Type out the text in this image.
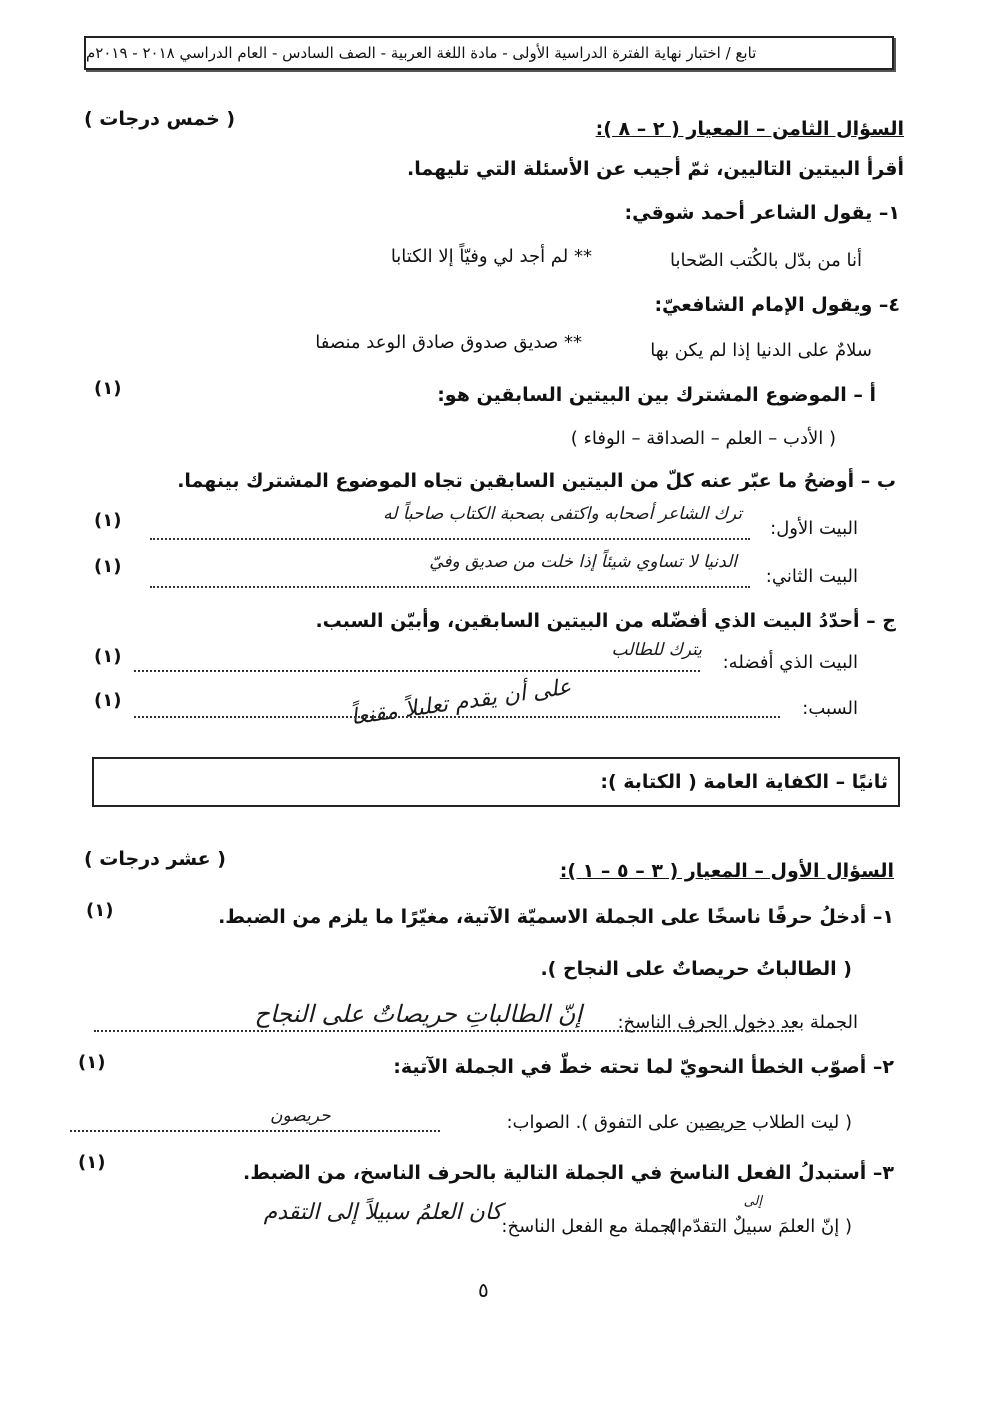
تابع / اختبار نهاية الفترة الدراسية الأولى - مادة اللغة العربية - الصف السادس - العام الدراسي ٢٠١٨ - ٢٠١٩م
السؤال الثامن – المعيار ( ٢ – ٨ ):
( خمس درجات )
أقرأ البيتين التاليين، ثمّ أجيب عن الأسئلة التي تليهما.
١– يقول الشاعر أحمد شوقي:
أنا من بدّل بالكُتب الصّحابا
** لم أجد لي وفيّاً إلا الكتابا
٤– ويقول الإمام الشافعيّ:
سلامٌ على الدنيا إذا لم يكن بها
** صديق صدوق صادق الوعد منصفا
أ – الموضوع المشترك بين البيتين السابقين هو:
(١)
( الأدب – العلم – الصداقة – الوفاء )
ب – أوضحُ ما عبّر عنه كلّ من البيتين السابقين تجاه الموضوع المشترك بينهما.
البيت الأول:
ترك الشاعر أصحابه واكتفى بصحبة الكتاب صاحباً له
(١)
البيت الثاني:
الدنيا لا تساوي شيئاً إذا خلت من صديق وفيّ
(١)
ج – أحدّدُ البيت الذي أفضّله من البيتين السابقين، وأبيّن السبب.
البيت الذي أفضله:
يترك للطالب
(١)
السبب:
على أن يقدم تعليلاً مقنعاً
(١)
ثانيًا – الكفاية العامة ( الكتابة ):
السؤال الأول – المعيار ( ٣ – ٥ – ١ ):
( عشر درجات )
١– أدخلُ حرفًا ناسخًا على الجملة الاسميّة الآتية، مغيّرًا ما يلزم من الضبط.
(١)
( الطالباتُ حريصاتٌ على النجاح ).
الجملة بعد دخول الحرف الناسخ:
إنّ الطالباتِ حريصاتٌ على النجاح
٢– أصوّب الخطأ النحويّ لما تحته خطّ في الجملة الآتية:
(١)
( ليت الطلاب حريصين على التفوق ). الصواب:
حريصون
٣– أستبدلُ الفعل الناسخ في الجملة التالية بالحرف الناسخ، من الضبط.
(١)
( إنّ العلمَ سبيلٌ التقدّم ).
إلى
الجملة مع الفعل الناسخ:
كان العلمُ سبيلاً إلى التقدم
٥
